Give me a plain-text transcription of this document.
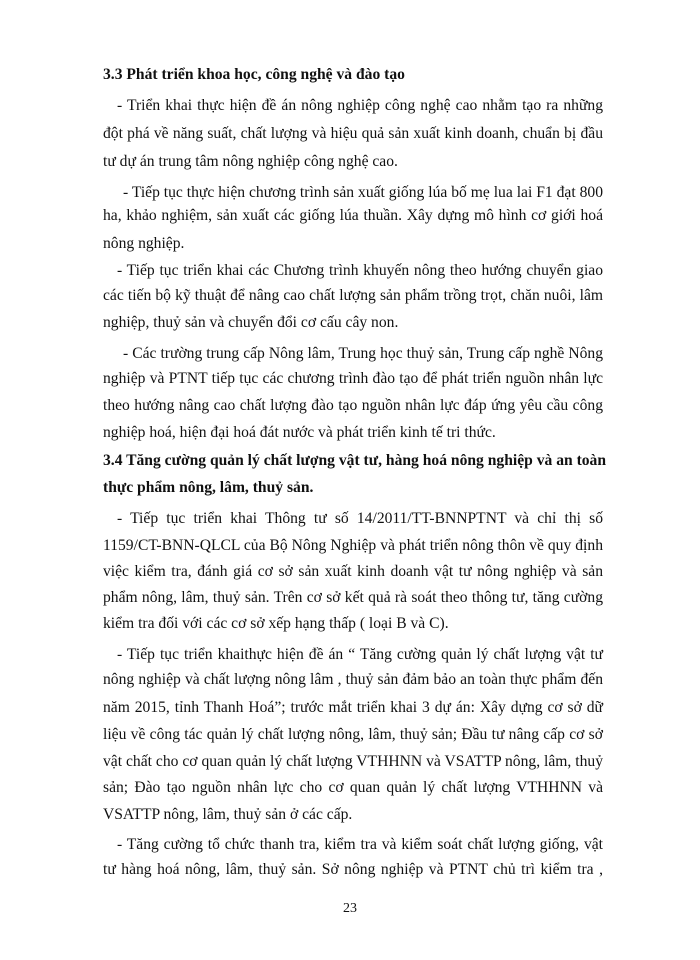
3.3 Phát triển khoa học, công nghệ và đào tạo
- Triển khai thực hiện đề án nông nghiệp công nghệ cao nhằm tạo ra những
đột phá về năng suất, chất lượng và hiệu quả sản xuất kinh doanh, chuẩn bị đầu
tư dự án trung tâm nông nghiệp công nghệ cao.
- Tiếp tục thực hiện chương trình sản xuất giống lúa bố mẹ lua lai F1 đạt 800
ha, khảo nghiệm, sản xuất các giống lúa thuần. Xây dựng mô hình cơ giới hoá
nông nghiệp.
- Tiếp tục triển khai các Chương trình khuyến nông theo hướng chuyển giao
các tiến bộ kỹ thuật để nâng cao chất lượng sản phẩm trồng trọt, chăn nuôi, lâm
nghiệp, thuỷ sản và chuyển đổi cơ cấu cây non.
- Các trường trung cấp Nông lâm, Trung học thuỷ sản, Trung cấp nghề Nông
nghiệp và PTNT tiếp tục các chương trình đào tạo để phát triển nguồn nhân lực
theo hướng nâng cao chất lượng đào tạo nguồn nhân lực đáp ứng yêu cầu công
nghiệp hoá, hiện đại hoá đát nước và phát triển kinh tế tri thức.
3.4 Tăng cường quản lý chất lượng vật tư, hàng hoá nông nghiệp và an toàn
thực phẩm nông, lâm, thuỷ sản.
- Tiếp tục triển khai Thông tư số 14/2011/TT-BNNPTNT và chỉ thị số
1159/CT-BNN-QLCL của Bộ Nông Nghiệp và phát triển nông thôn về quy định
việc kiểm tra, đánh giá cơ sở sản xuất kinh doanh vật tư nông nghiệp và sản
phẩm nông, lâm, thuỷ sản. Trên cơ sở kết quả rà soát theo thông tư, tăng cường
kiểm tra đối với các cơ sở xếp hạng thấp ( loại B và C).
- Tiếp tục triển khaithực hiện đề án “ Tăng cường quản lý chất lượng vật tư
nông nghiệp và chất lượng nông lâm , thuỷ sản đảm bảo an toàn thực phẩm đến
năm 2015, tỉnh Thanh Hoá”; trước mắt triển khai 3 dự án: Xây dựng cơ sở dữ
liệu về công tác quản lý chất lượng nông, lâm, thuỷ sản; Đầu tư nâng cấp cơ sở
vật chất cho cơ quan quản lý chất lượng VTHHNN và VSATTP nông, lâm, thuỷ
sản; Đào tạo nguồn nhân lực cho cơ quan quản lý chất lượng VTHHNN và
VSATTP nông, lâm, thuỷ sản ở các cấp.
- Tăng cường tổ chức thanh tra, kiểm tra và kiểm soát chất lượng giống, vật
tư hàng hoá nông, lâm, thuỷ sản. Sở nông nghiệp và PTNT chủ trì kiểm tra ,
23
